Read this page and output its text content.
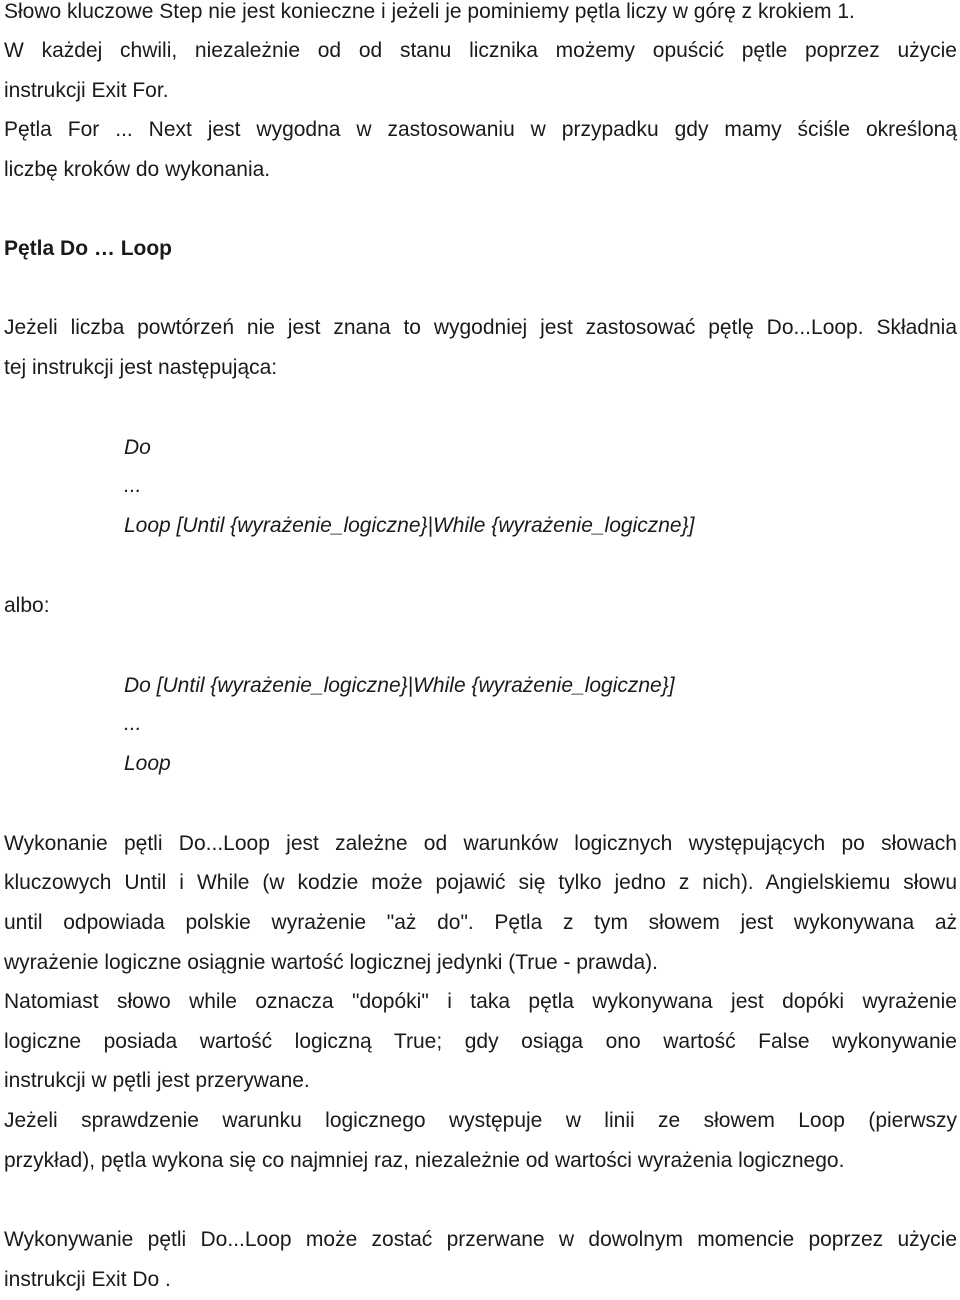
Słowo kluczowe Step nie jest konieczne i jeżeli je pominiemy pętla liczy w górę z krokiem 1.

W każdej chwili, niezależnie od od stanu licznika możemy opuścić pętle poprzez użycie

instrukcji Exit For.

Pętla For ... Next jest wygodna w zastosowaniu w przypadku gdy mamy ściśle określoną

liczbę kroków do wykonania.

Pętla Do … Loop

Jeżeli liczba powtórzeń nie jest znana to wygodniej jest zastosować pętlę Do...Loop. Składnia

tej instrukcji jest następująca:

Do
...
Loop [Until {wyrażenie_logiczne}|While {wyrażenie_logiczne}]

albo:

Do [Until {wyrażenie_logiczne}|While {wyrażenie_logiczne}]
...
Loop

Wykonanie pętli Do...Loop jest zależne od warunków logicznych występujących po słowach

kluczowych Until i While (w kodzie może pojawić się tylko jedno z nich). Angielskiemu słowu

until odpowiada polskie wyrażenie "aż do". Pętla z tym słowem jest wykonywana aż

wyrażenie logiczne osiągnie wartość logicznej jedynki (True - prawda).

Natomiast słowo while oznacza "dopóki" i taka pętla wykonywana jest dopóki wyrażenie

logiczne posiada wartość logiczną True; gdy osiąga ono wartość False wykonywanie

instrukcji w pętli jest przerywane.

Jeżeli sprawdzenie warunku logicznego występuje w linii ze słowem Loop (pierwszy

przykład), pętla wykona się co najmniej raz, niezależnie od wartości wyrażenia logicznego.

Wykonywanie pętli Do...Loop może zostać przerwane w dowolnym momencie poprzez użycie

instrukcji Exit Do .
